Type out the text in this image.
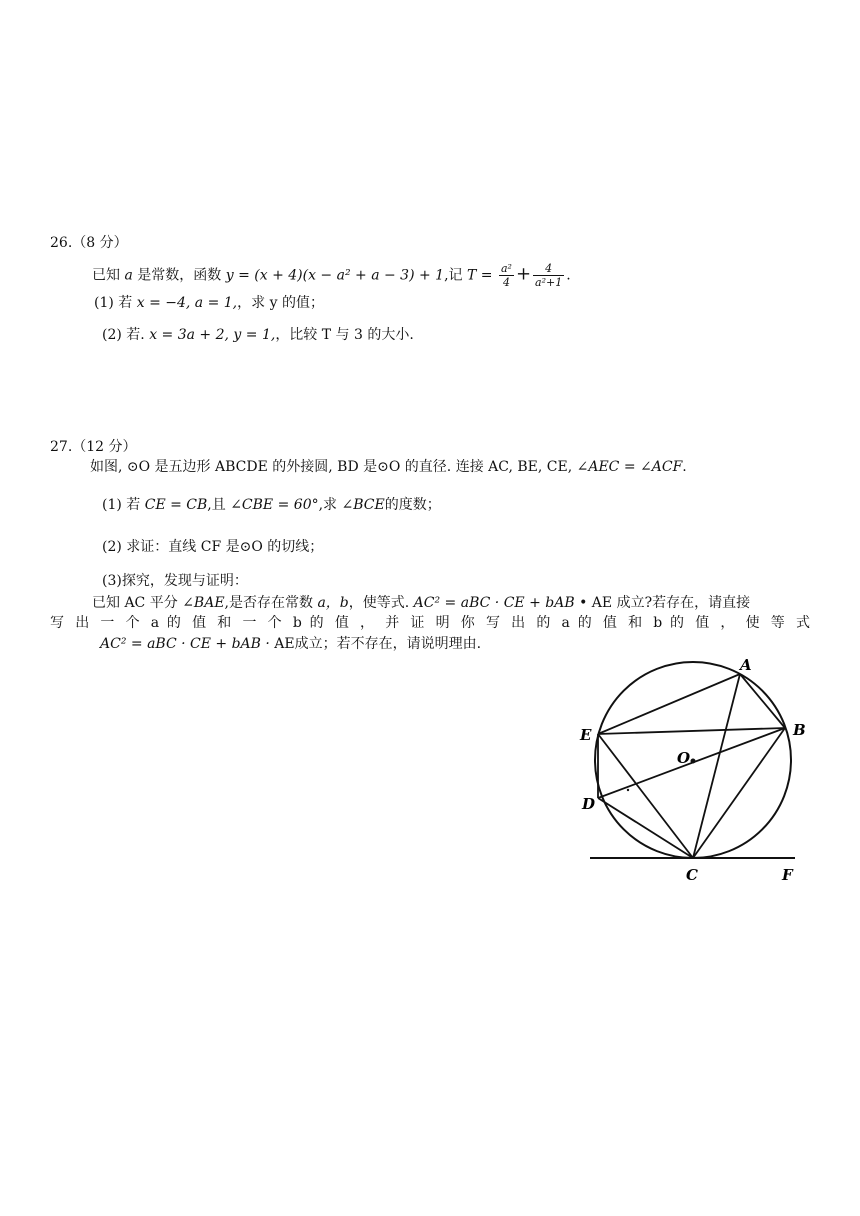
26.（8 分）
已知 a 是常数，函数 y = (x + 4)(x − a² + a − 3) + 1,记 $T = \frac{\text{a²}}{4} + \frac{4}{\text{a²+1}}$ .
(1) 若 x = −4, a = 1,，求 y 的值；
(2) 若. x = 3a + 2, y = 1,，比较 T 与 3 的大小.
27.（12 分）
如图, ⊙O 是五边形 ABCDE 的外接圆, BD 是⊙O 的直径. 连接 AC, BE, CE, ∠AEC = ∠ACF.
(1) 若 CE = CB,且 ∠CBE = 60°,求 ∠BCE的度数；
(2) 求证：直线 CF 是⊙O 的切线；
(3)探究，发现与证明：
已知 AC 平分 ∠BAE,是否存在常数 a，b，使等式. AC² = aBC · CE + bAB • AE 成立?若存在，请直接
写 出 一 个 a 的 值 和 一 个 b 的 值 ， 并 证 明 你 写 出 的 a 的 值 和 b 的 值 ， 使 等 式
AC² = aBC · CE + bAB · AE成立；若不存在，请说明理由.
A
B
C
D
E
O
F
